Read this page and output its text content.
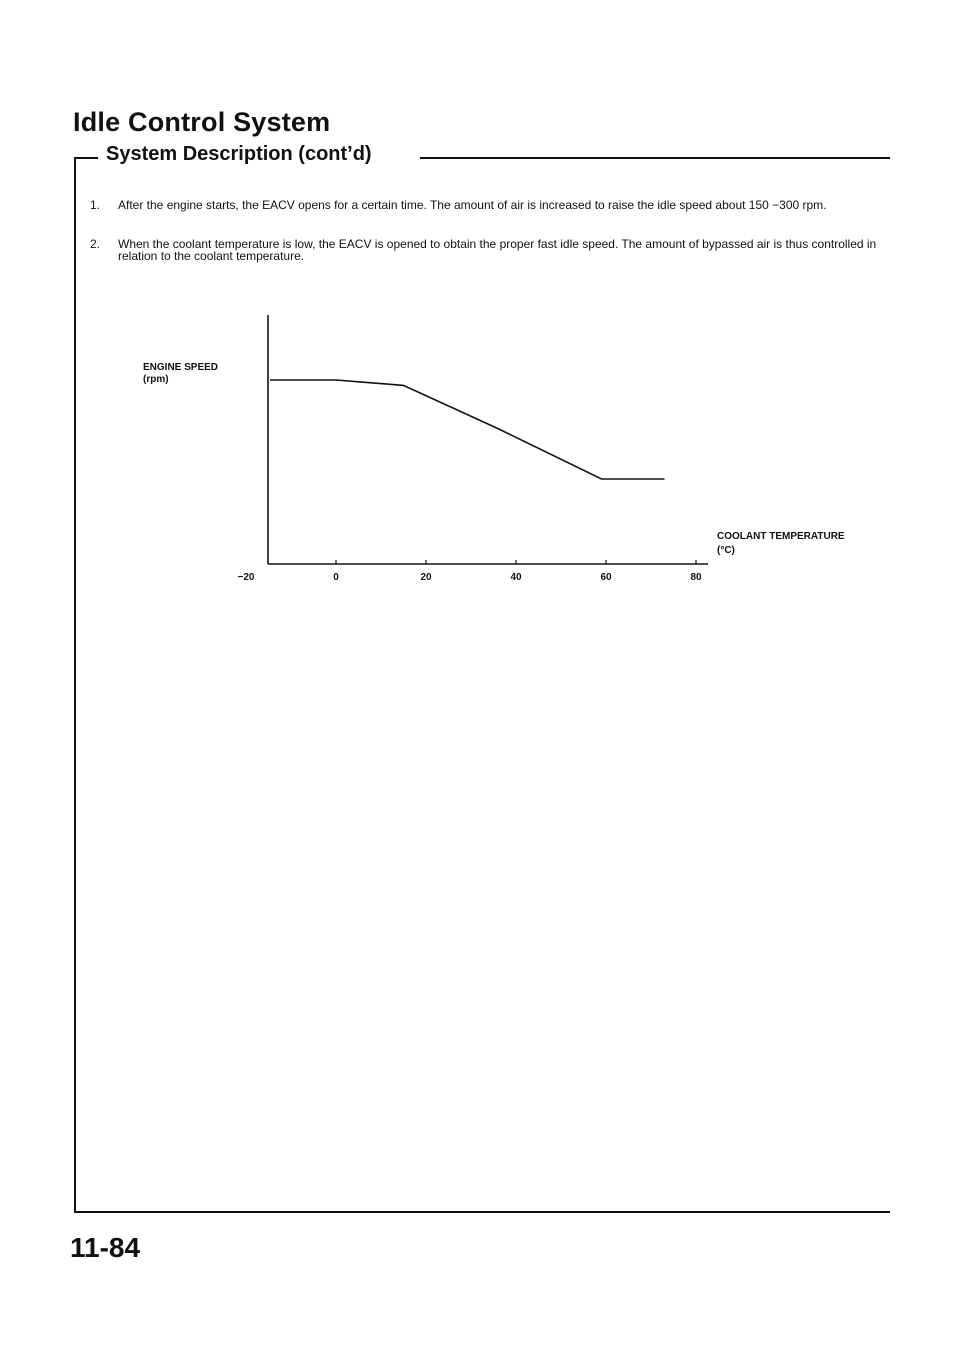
Idle Control System
System Description (cont’d)
1. After the engine starts, the EACV opens for a certain time. The amount of air is increased to raise the idle speed about 150 −300 rpm.
2. When the coolant temperature is low, the EACV is opened to obtain the proper fast idle speed. The amount of bypassed air is thus controlled in relation to the coolant temperature.
ENGINE SPEED
(rpm)
COOLANT TEMPERATURE
(°C)
−20	0	20	40	60	80
11-84
